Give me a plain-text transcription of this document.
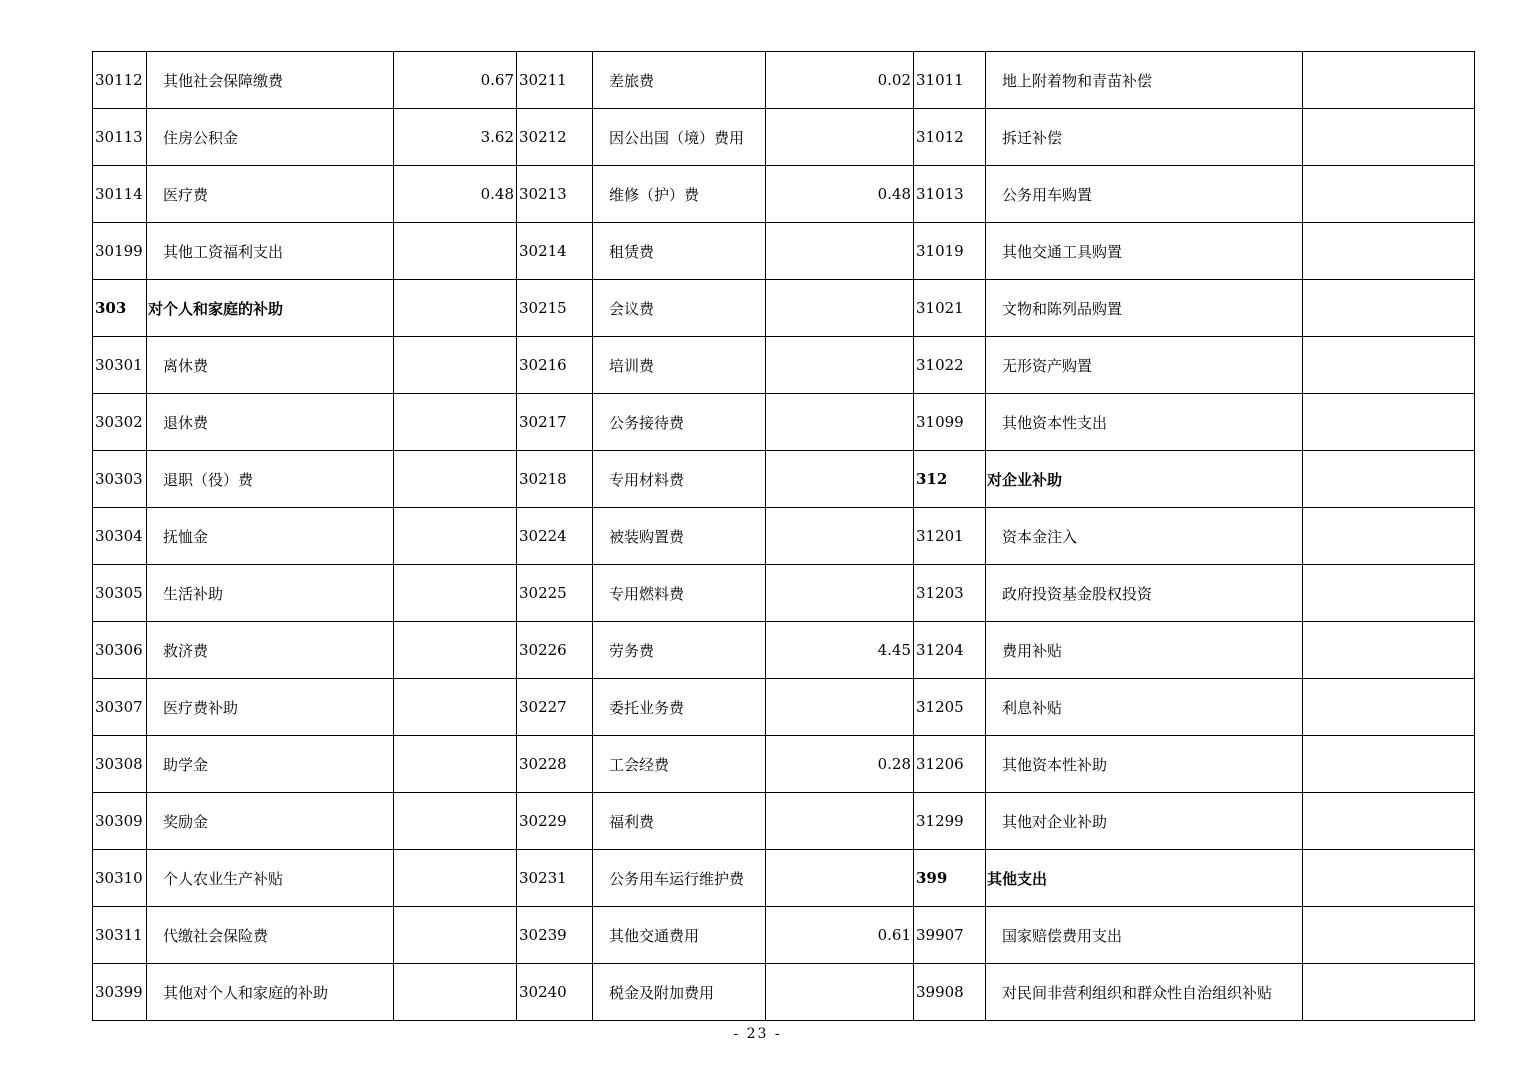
30112	其他社会保障缴费	0.67	30211	差旅费	0.02	31011	地上附着物和青苗补偿	
30113	住房公积金	3.62	30212	因公出国（境）费用		31012	拆迁补偿	
30114	医疗费	0.48	30213	维修（护）费	0.48	31013	公务用车购置	
30199	其他工资福利支出		30214	租赁费		31019	其他交通工具购置	
303	对个人和家庭的补助		30215	会议费		31021	文物和陈列品购置	
30301	离休费		30216	培训费		31022	无形资产购置	
30302	退休费		30217	公务接待费		31099	其他资本性支出	
30303	退职（役）费		30218	专用材料费		312	对企业补助	
30304	抚恤金		30224	被装购置费		31201	资本金注入	
30305	生活补助		30225	专用燃料费		31203	政府投资基金股权投资	
30306	救济费		30226	劳务费	4.45	31204	费用补贴	
30307	医疗费补助		30227	委托业务费		31205	利息补贴	
30308	助学金		30228	工会经费	0.28	31206	其他资本性补助	
30309	奖励金		30229	福利费		31299	其他对企业补助	
30310	个人农业生产补贴		30231	公务用车运行维护费		399	其他支出	
30311	代缴社会保险费		30239	其他交通费用	0.61	39907	国家赔偿费用支出	
30399	其他对个人和家庭的补助		30240	税金及附加费用		39908	对民间非营利组织和群众性自治组织补贴	
- 23 -
